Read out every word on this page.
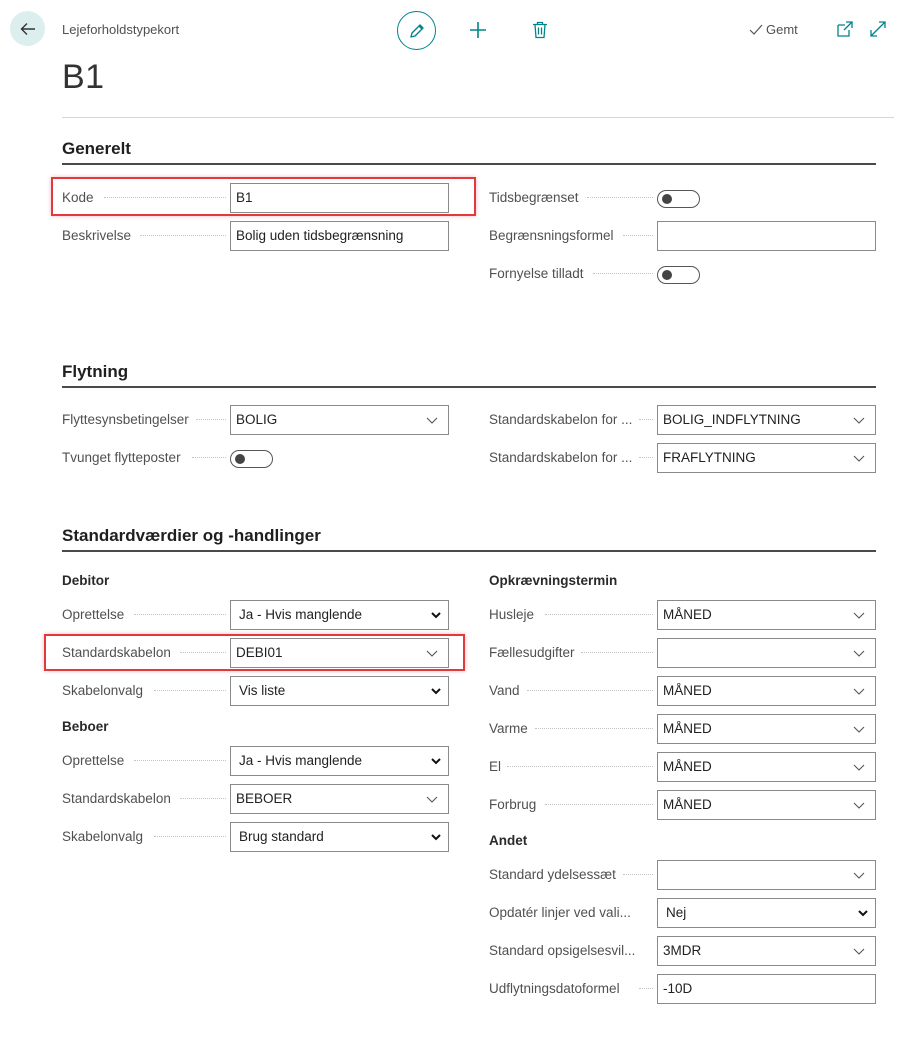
Lejeforholdstypekort
B1
Gemt
Generelt
Kode	B1
Beskrivelse	Bolig uden tidsbegrænsning
Tidsbegrænset
Begrænsningsformel
Fornyelse tilladt
Flytning
Flyttesynsbetingelser	BOLIG
Tvunget flytteposter
Standardskabelon for ...	BOLIG_INDFLYTNING
Standardskabelon for ...	FRAFLYTNING
Standardværdier og -handlinger
Debitor
Oprettelse	Ja - Hvis manglende
Standardskabelon	DEBI01
Skabelonvalg	Vis liste
Beboer
Oprettelse	Ja - Hvis manglende
Standardskabelon	BEBOER
Skabelonvalg	Brug standard
Opkrævningstermin
Husleje	MÅNED
Fællesudgifter
Vand	MÅNED
Varme	MÅNED
El	MÅNED
Forbrug	MÅNED
Andet
Standard ydelsessæt
Opdatér linjer ved vali...	Nej
Standard opsigelsesvil...	3MDR
Udflytningsdatoformel	-10D
